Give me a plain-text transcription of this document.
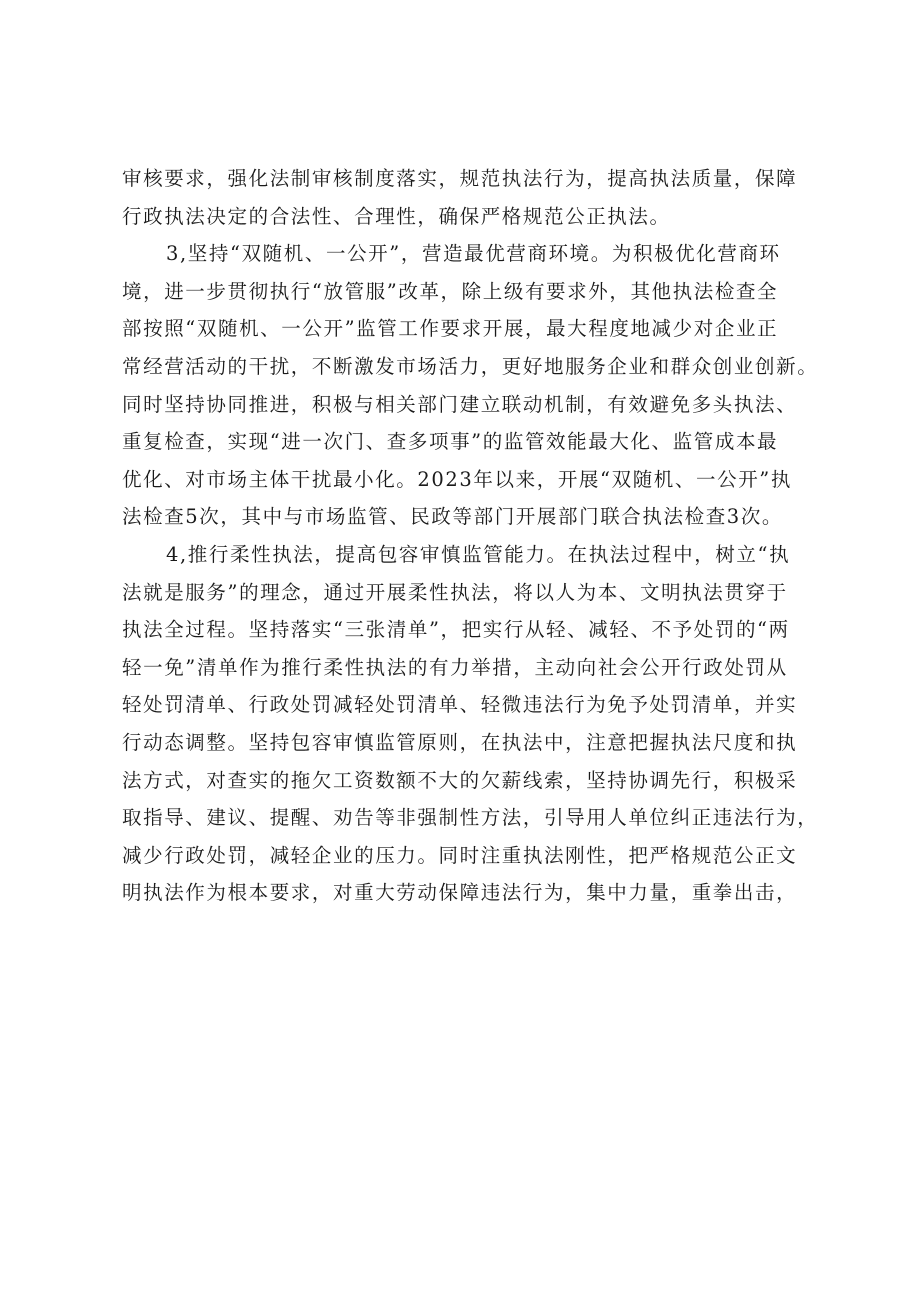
审核要求，强化法制审核制度落实，规范执法行为，提高执法质量，保障
行政执法决定的合法性、合理性，确保严格规范公正执法。
3,坚持“双随机、一公开”，营造最优营商环境。为积极优化营商环
境，进一步贯彻执行“放管服”改革，除上级有要求外，其他执法检查全
部按照“双随机、一公开”监管工作要求开展，最大程度地减少对企业正
常经营活动的干扰，不断激发市场活力，更好地服务企业和群众创业创新。
同时坚持协同推进，积极与相关部门建立联动机制，有效避免多头执法、
重复检查，实现“进一次门、查多项事”的监管效能最大化、监管成本最
优化、对市场主体干扰最小化。2023年以来，开展“双随机、一公开”执
法检查5次，其中与市场监管、民政等部门开展部门联合执法检查3次。
4,推行柔性执法，提高包容审慎监管能力。在执法过程中，树立“执
法就是服务”的理念，通过开展柔性执法，将以人为本、文明执法贯穿于
执法全过程。坚持落实“三张清单”，把实行从轻、减轻、不予处罚的“两
轻一免”清单作为推行柔性执法的有力举措，主动向社会公开行政处罚从
轻处罚清单、行政处罚减轻处罚清单、轻微违法行为免予处罚清单，并实
行动态调整。坚持包容审慎监管原则，在执法中，注意把握执法尺度和执
法方式，对查实的拖欠工资数额不大的欠薪线索，坚持协调先行，积极采
取指导、建议、提醒、劝告等非强制性方法，引导用人单位纠正违法行为，
减少行政处罚，减轻企业的压力。同时注重执法刚性，把严格规范公正文
明执法作为根本要求，对重大劳动保障违法行为，集中力量，重拳出击，
